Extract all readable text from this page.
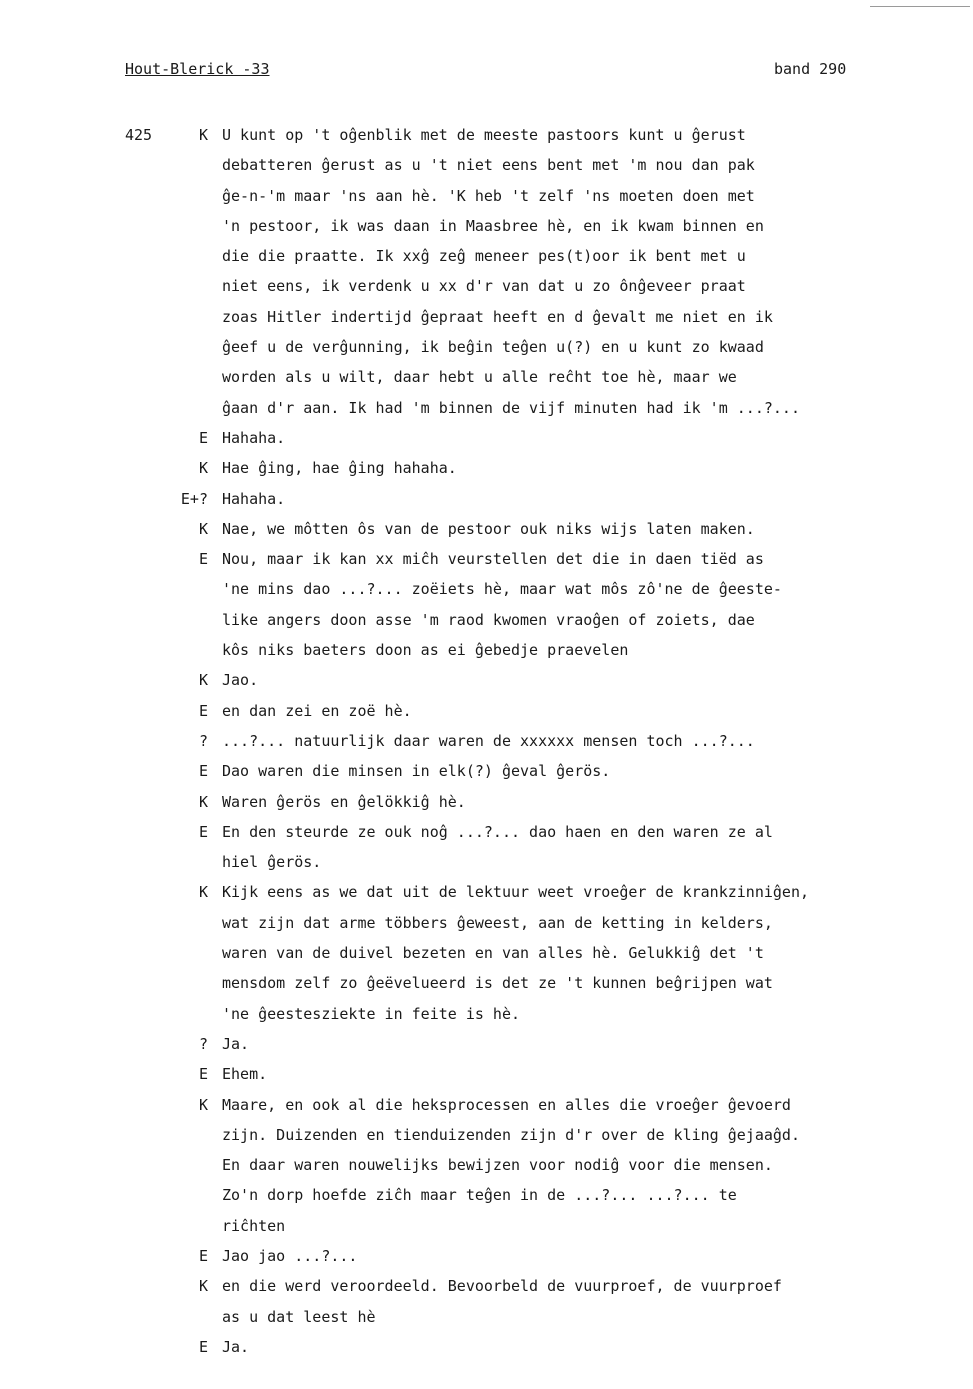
Hout-Blerick -33	band 290
425	K U kunt op 't oĝenblik met de meeste pastoors kunt u ĝerust
debatteren ĝerust as u 't niet eens bent met 'm nou dan pak
ĝe-n-'m maar 'ns aan hè. 'K heb 't zelf 'ns moeten doen met
'n pestoor, ik was daan in Maasbree hè, en ik kwam binnen en
die die praatte. Ik xxĝ zeĝ meneer pes(t)oor ik bent met u
niet eens, ik verdenk u xx d'r van dat u zo ônĝeveer praat
zoas Hitler indertijd ĝepraat heeft en d ĝevalt me niet en ik
ĝeef u de verĝunning, ik beĝin teĝen u(?) en u kunt zo kwaad
worden als u wilt, daar hebt u alle reĉht toe hè, maar we
ĝaan d'r aan. Ik had 'm binnen de vijf minuten had ik 'm ...?...
E Hahaha.
K Hae ĝing, hae ĝing hahaha.
E+? Hahaha.
K Nae, we môtten ôs van de pestoor ouk niks wijs laten maken.
E Nou, maar ik kan xx miĉh veurstellen det die in daen tiëd as
'ne mins dao ...?... zoëiets hè, maar wat môs zô'ne de ĝeeste-
like angers doon asse 'm raod kwomen vraoĝen of zoiets, dae
kôs niks baeters doon as ei ĝebedje praevelen
K Jao.
E en dan zei en zoë hè.
? ...?... natuurlijk daar waren de xxxxxx mensen toch ...?...
E Dao waren die minsen in elk(?) ĝeval ĝerös.
K Waren ĝerös en ĝelökkiĝ hè.
E En den steurde ze ouk noĝ ...?... dao haen en den waren ze al
hiel ĝerös.
K Kijk eens as we dat uit de lektuur weet vroeĝer de krankzinniĝen,
wat zijn dat arme többers ĝeweest, aan de ketting in kelders,
waren van de duivel bezeten en van alles hè. Gelukkiĝ det 't
mensdom zelf zo ĝeëvelueerd is det ze 't kunnen beĝrijpen wat
'ne ĝeestesziekte in feite is hè.
? Ja.
E Ehem.
K Maare, en ook al die heksprocessen en alles die vroeĝer ĝevoerd
zijn. Duizenden en tienduizenden zijn d'r over de kling ĝejaaĝd.
En daar waren nouwelijks bewijzen voor nodiĝ voor die mensen.
Zo'n dorp hoefde ziĉh maar teĝen in de ...?... ...?... te
riĉhten
E Jao jao ...?...
K en die werd veroordeeld. Bevoorbeld de vuurproef, de vuurproef
as u dat leest hè
E Ja.
